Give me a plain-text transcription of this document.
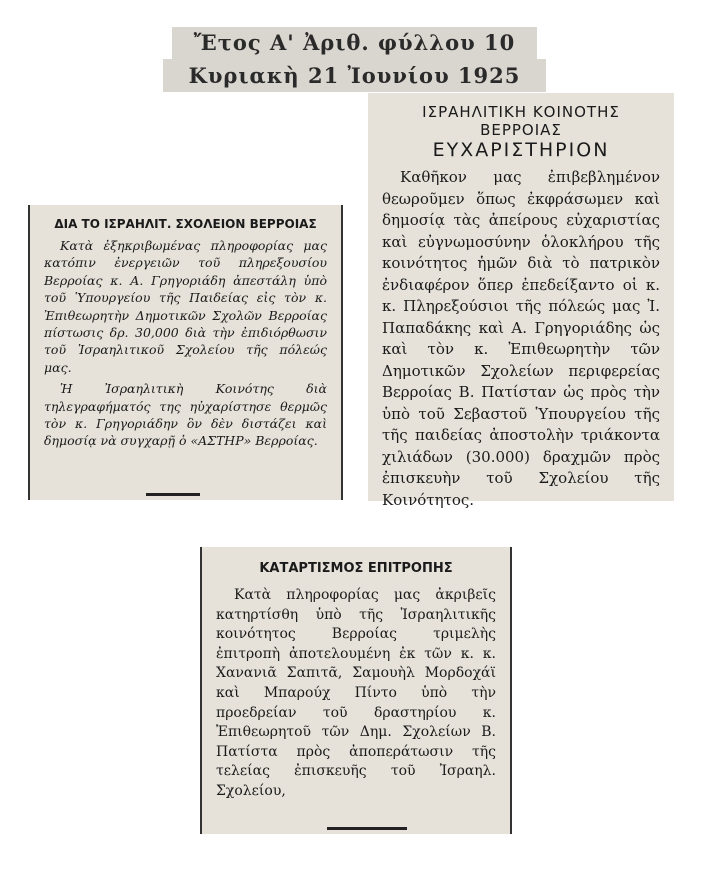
Ἔτος Α' Ἀριθ. φύλλου 10
Κυριακὴ 21 Ἰουνίου 1925
ΙΣΡΑΗΛΙΤΙΚΗ ΚΟΙΝΟΤΗΣ ΒΕΡΡΟΙΑΣ
ΕΥΧΑΡΙΣΤΗΡΙΟΝ
Καθῆκον μας ἐπιβεβλημένον θεωροῦμεν ὅπως ἐκφράσωμεν καὶ δημοσίᾳ τὰς ἀπείρους εὐχαριστίας καὶ εὐγνωμοσύνην ὁλοκλήρου τῆς κοινότητος ἡμῶν διὰ τὸ πατρικὸν ἐνδιαφέρον ὅπερ ἐπεδείξαντο οἱ κ. κ. Πληρεξούσιοι τῆς πόλεώς μας Ἰ. Παπαδάκης καὶ Α. Γρηγοριάδης ὡς καὶ τὸν κ. Ἐπιθεωρητὴν τῶν Δημοτικῶν Σχολείων περιφερείας Βερροίας Β. Πατίσταν ὡς πρὸς τὴν ὑπὸ τοῦ Σεβαστοῦ Ὑπουργείου τῆς τῆς παιδείας ἀποστολὴν τριάκοντα χιλιάδων (30.000) δραχμῶν πρὸς ἐπισκευὴν τοῦ Σχολείου τῆς Κοινότητος.
ΔΙΑ ΤΟ ΙΣΡΑΗΛΙΤ. ΣΧΟΛΕΙΟΝ ΒΕΡΡΟΙΑΣ

Κατὰ ἐξηκριβωμένας πληροφορίας μας κατόπιν ἐνεργειῶν τοῦ πληρεξουσίου Βερροίας κ. Α. Γρηγοριάδη ἀπεστάλη ὑπὸ τοῦ Ὑπουργείου τῆς Παιδείας εἰς τὸν κ. Ἐπιθεωρητὴν Δημοτικῶν Σχολῶν Βερροίας πίστωσις δρ. 30,000 διὰ τὴν ἐπιδιόρθωσιν τοῦ Ἰσραηλιτικοῦ Σχολείου τῆς πόλεώς μας.

Ἡ Ἰσραηλιτικὴ Κοινότης διὰ τηλεγραφήματός της ηὐχαρίστησε θερμῶς τὸν κ. Γρηγοριάδην ὃν δὲν διστάζει καὶ δημοσίᾳ νὰ συγχαρῇ ὁ «ΑΣΤΗΡ» Βερροίας.

ΚΑΤΑΡΤΙΣΜΟΣ ΕΠΙΤΡΟΠΗΣ

Κατὰ πληροφορίας μας ἀκριβεῖς κατηρτίσθη ὑπὸ τῆς Ἰσραηλιτικῆς κοινότητος Βερροίας τριμελὴς ἐπιτροπὴ ἀποτελουμένη ἐκ τῶν κ. κ. Χανανιᾶ Σαπιτᾶ, Σαμουὴλ Μορδοχάϊ καὶ Μπαρούχ Πίντο ὑπὸ τὴν προεδρείαν τοῦ δραστηρίου κ. Ἐπιθεωρητοῦ τῶν Δημ. Σχολείων Β. Πατίστα πρὸς ἀποπεράτωσιν τῆς τελείας ἐπισκευῆς τοῦ Ἰσραηλ. Σχολείου,
